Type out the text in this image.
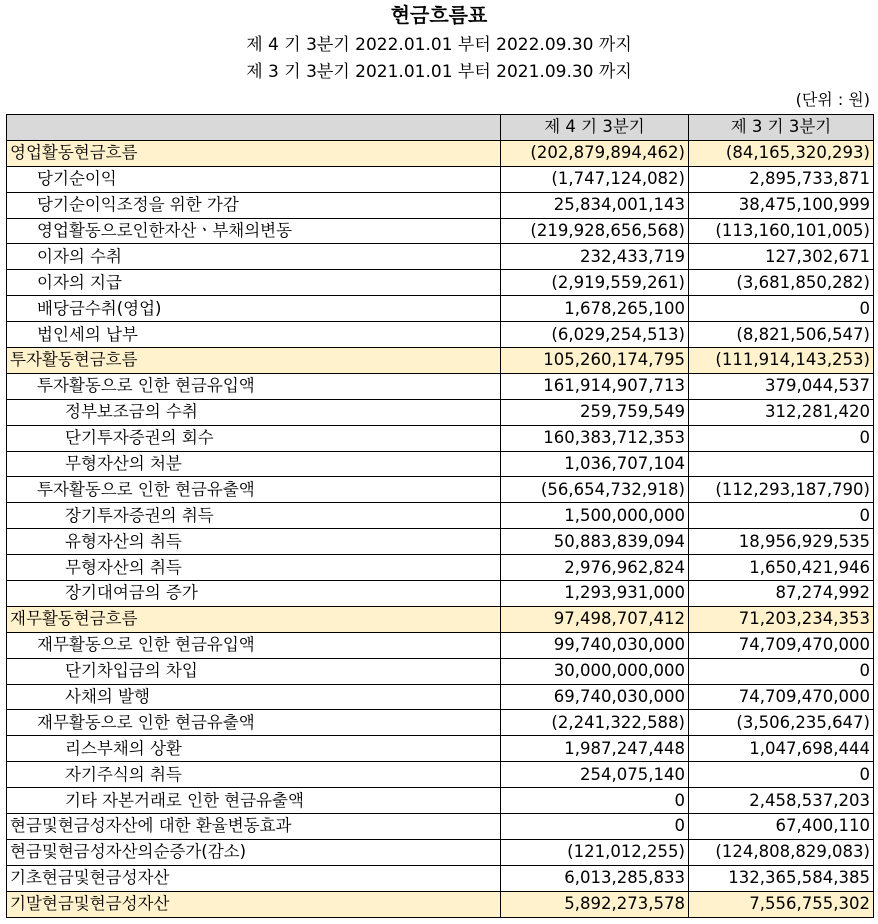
현금흐름표
제 4 기 3분기 2022.01.01 부터 2022.09.30 까지
제 3 기 3분기 2021.01.01 부터 2021.09.30 까지
(단위 : 원)
	제 4 기 3분기	제 3 기 3분기
영업활동현금흐름	(202,879,894,462)	(84,165,320,293)
당기순이익	(1,747,124,082)	2,895,733,871
당기순이익조정을 위한 가감	25,834,001,143	38,475,100,999
영업활동으로인한자산ㆍ부채의변동	(219,928,656,568)	(113,160,101,005)
이자의 수취	232,433,719	127,302,671
이자의 지급	(2,919,559,261)	(3,681,850,282)
배당금수취(영업)	1,678,265,100	0
법인세의 납부	(6,029,254,513)	(8,821,506,547)
투자활동현금흐름	105,260,174,795	(111,914,143,253)
투자활동으로 인한 현금유입액	161,914,907,713	379,044,537
정부보조금의 수취	259,759,549	312,281,420
단기투자증권의 회수	160,383,712,353	0
무형자산의 처분	1,036,707,104	
투자활동으로 인한 현금유출액	(56,654,732,918)	(112,293,187,790)
장기투자증권의 취득	1,500,000,000	0
유형자산의 취득	50,883,839,094	18,956,929,535
무형자산의 취득	2,976,962,824	1,650,421,946
장기대여금의 증가	1,293,931,000	87,274,992
재무활동현금흐름	97,498,707,412	71,203,234,353
재무활동으로 인한 현금유입액	99,740,030,000	74,709,470,000
단기차입금의 차입	30,000,000,000	0
사채의 발행	69,740,030,000	74,709,470,000
재무활동으로 인한 현금유출액	(2,241,322,588)	(3,506,235,647)
리스부채의 상환	1,987,247,448	1,047,698,444
자기주식의 취득	254,075,140	0
기타 자본거래로 인한 현금유출액	0	2,458,537,203
현금및현금성자산에 대한 환율변동효과	0	67,400,110
현금및현금성자산의순증가(감소)	(121,012,255)	(124,808,829,083)
기초현금및현금성자산	6,013,285,833	132,365,584,385
기말현금및현금성자산	5,892,273,578	7,556,755,302
